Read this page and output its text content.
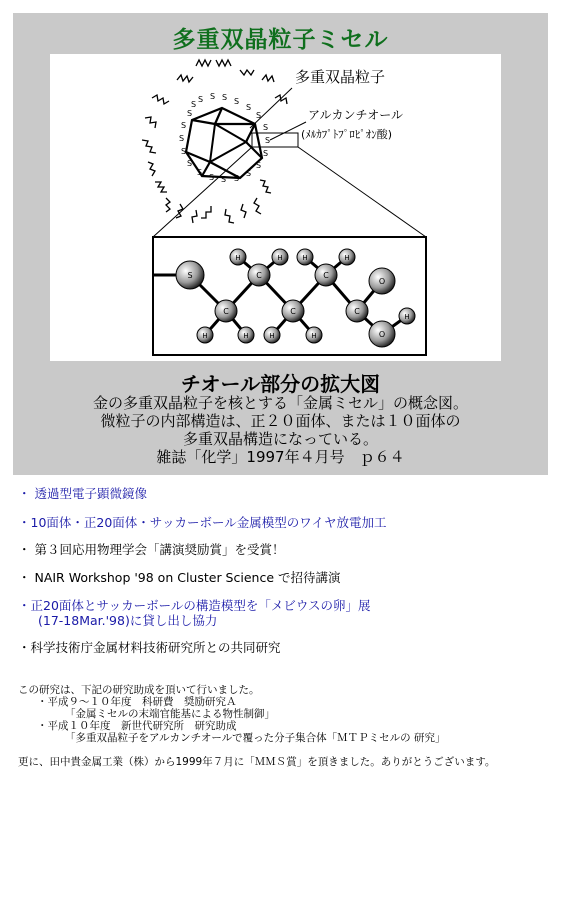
多重双晶粒子ミセル
S S S S
S
S
S
S
S
S
S
S
S
S
S
S
S
S
S
S
S
S
C
C
C
C
C
O
O
H
H	H
H	H
H	H
H	H
多重双晶粒子
アルカンチオール
(ﾒﾙｶﾌﾟﾄﾌﾟﾛﾋﾟｵﾝ酸)
チオール部分の拡大図
金の多重双晶粒子を核とする「金属ミセル」の概念図。
微粒子の内部構造は、正２０面体、または１０面体の
多重双晶構造になっている。
雑誌「化学」1997年４月号　ｐ６４
・ 透過型電子顕微鏡像
・10面体・正20面体・サッカーボール金属模型のワイヤ放電加工
・ 第３回応用物理学会「講演奨励賞」を受賞！
・ NAIR Workshop '98 on Cluster Science で招待講演
・正20面体とサッカーボールの構造模型を「メビウスの卵」展
(17-18Mar.'98)に貸し出し協力
・科学技術庁金属材料技術研究所との共同研究
この研究は、下記の研究助成を頂いて行いました。
・平成９～１０年度　科研費　奨励研究Ａ
「金属ミセルの末端官能基による物性制御」
・平成１０年度　新世代研究所　研究助成
「多重双晶粒子をアルカンチオールで覆った分子集合体「ＭＴＰミセルの 研究」
更に、田中貴金属工業（株）から1999年７月に「ＭＭＳ賞」を頂きました。ありがとうございます。
